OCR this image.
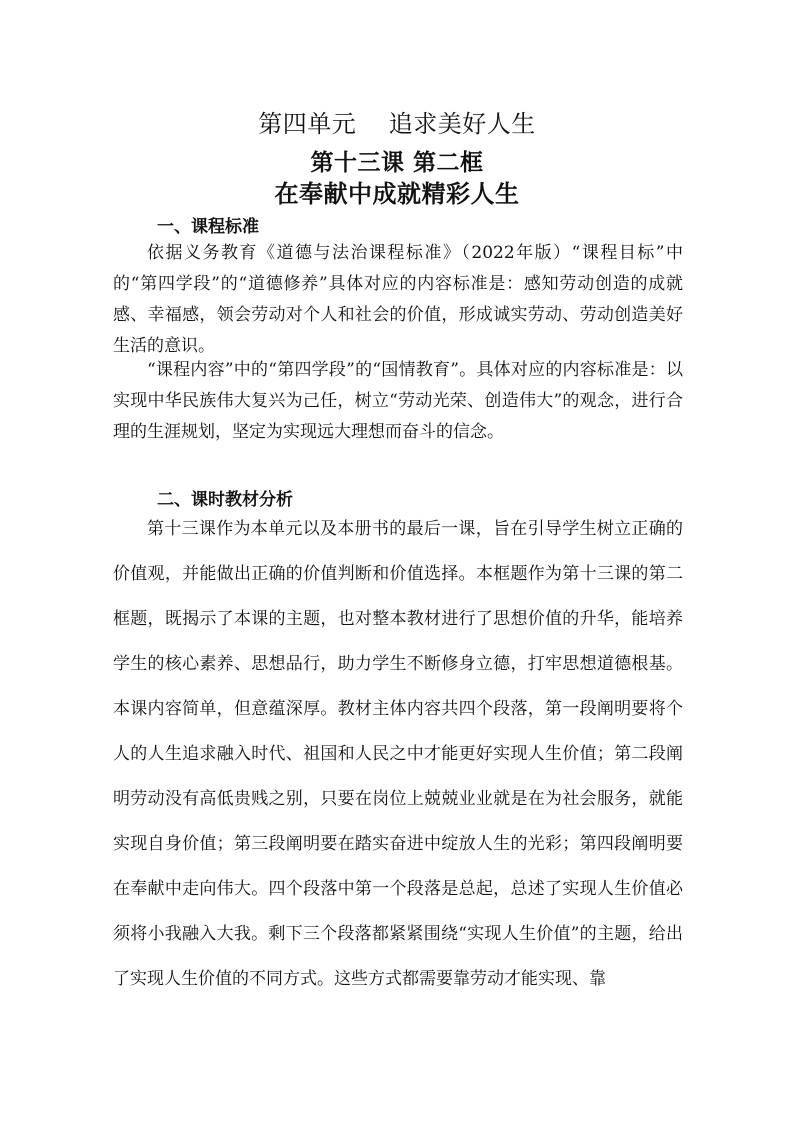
第四单元    追求美好人生
第十三课 第二框
在奉献中成就精彩人生
一、课程标准

依据义务教育《道德与法治课程标准》（2022年版）“课程目标”中的“第四学段”的“道德修养”具体对应的内容标准是：感知劳动创造的成就感、幸福感，领会劳动对个人和社会的价值，形成诚实劳动、劳动创造美好生活的意识。

“课程内容”中的“第四学段”的“国情教育”。具体对应的内容标准是：以实现中华民族伟大复兴为己任，树立“劳动光荣、创造伟大”的观念，进行合理的生涯规划，坚定为实现远大理想而奋斗的信念。

二、课时教材分析

第十三课作为本单元以及本册书的最后一课，旨在引导学生树立正确的价值观，并能做出正确的价值判断和价值选择。本框题作为第十三课的第二框题，既揭示了本课的主题，也对整本教材进行了思想价值的升华，能培养学生的核心素养、思想品行，助力学生不断修身立德，打牢思想道德根基。本课内容简单，但意蕴深厚。教材主体内容共四个段落，第一段阐明要将个人的人生追求融入时代、祖国和人民之中才能更好实现人生价值；第二段阐明劳动没有高低贵贱之别，只要在岗位上兢兢业业就是在为社会服务，就能实现自身价值；第三段阐明要在踏实奋进中绽放人生的光彩；第四段阐明要在奉献中走向伟大。四个段落中第一个段落是总起，总述了实现人生价值必须将小我融入大我。剩下三个段落都紧紧围绕“实现人生价值”的主题，给出了实现人生价值的不同方式。这些方式都需要靠劳动才能实现、靠
